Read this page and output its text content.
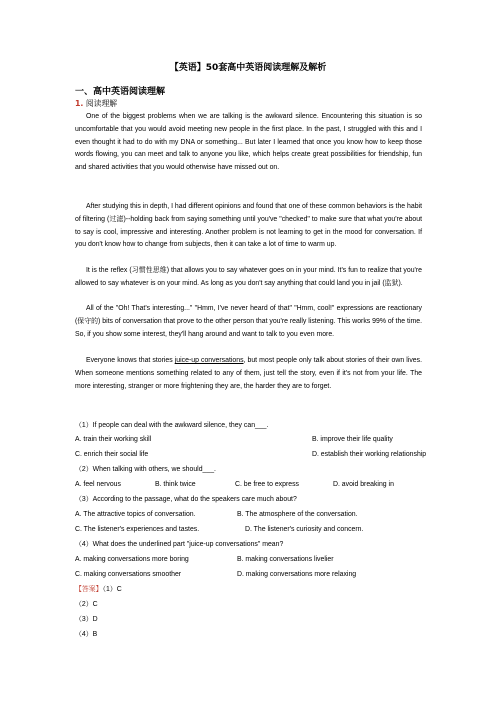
【英语】50套高中英语阅读理解及解析
一、高中英语阅读理解
1. 阅读理解
One of the biggest problems when we are talking is the awkward silence. Encountering this situation is so uncomfortable that you would avoid meeting new people in the first place. In the past, I struggled with this and I even thought it had to do with my DNA or something... But later I learned that once you know how to keep those words flowing, you can meet and talk to anyone you like, which helps create great possibilities for friendship, fun and shared activities that you would otherwise have missed out on.
After studying this in depth, I had different opinions and found that one of these common behaviors is the habit of filtering (过滤)--holding back from saying something until you've "checked" to make sure that what you're about to say is cool, impressive and interesting. Another problem is not learning to get in the mood for conversation. If you don't know how to change from subjects, then it can take a lot of time to warm up.
It is the reflex (习惯性思维) that allows you to say whatever goes on in your mind. It's fun to realize that you're allowed to say whatever is on your mind. As long as you don't say anything that could land you in jail (监狱).
All of the "Oh! That's interesting..." "Hmm, I've never heard of that" "Hmm, cool!" expressions are reactionary (保守的) bits of conversation that prove to the other person that you're really listening. This works 99% of the time. So, if you show some interest, they'll hang around and want to talk to you even more.
Everyone knows that stories juice-up conversations, but most people only talk about stories of their own lives. When someone mentions something related to any of them, just tell the story, even if it's not from your life. The more interesting, stranger or more frightening they are, the harder they are to forget.
（1）If people can deal with the awkward silence, they can___.
A. train their working skill	B. improve their life quality
C. enrich their social life	D. establish their working relationship
（2）When talking with others, we should___.
A. feel nervous	B. think twice	C. be free to express	D. avoid breaking in
（3）According to the passage, what do the speakers care much about?
A. The attractive topics of conversation.	B. The atmosphere of the conversation.
C. The listener's experiences and tastes.	D. The listener's curiosity and concern.
（4）What does the underlined part "juice-up conversations" mean?
A. making conversations more boring	B. making conversations livelier
C. making conversations smoother	D. making conversations more relaxing
【答案】（1）C
（2）C
（3）D
（4）B
